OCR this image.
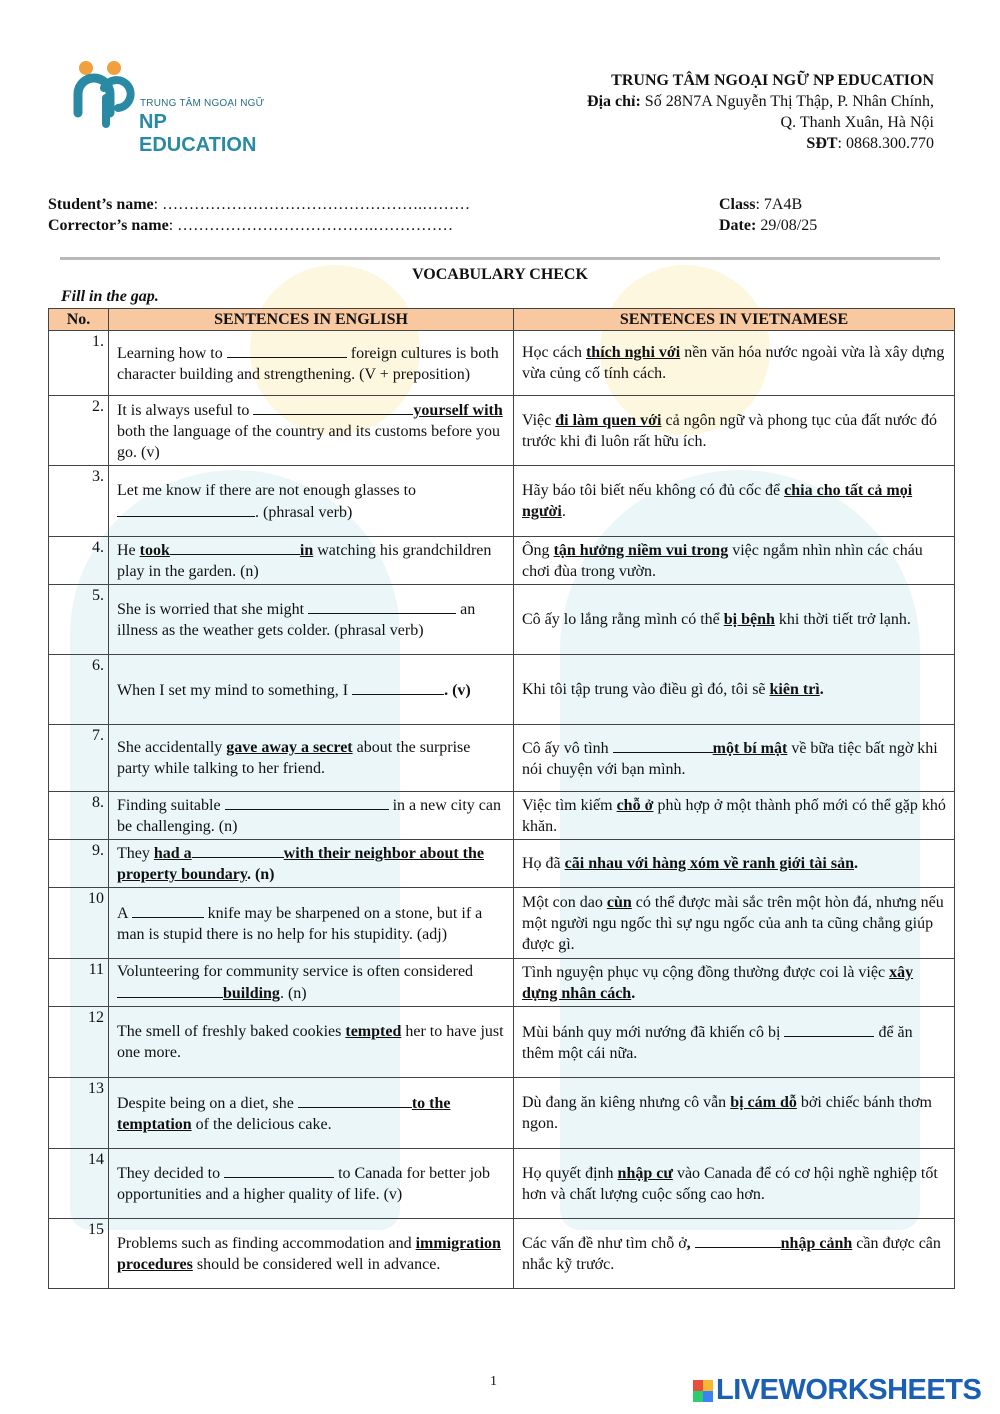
TRUNG TÂM NGOẠI NGỮ
NP EDUCATION
TRUNG TÂM NGOẠI NGỮ NP EDUCATION
Địa chỉ: Số 28N7A Nguyễn Thị Thập, P. Nhân Chính,
Q. Thanh Xuân, Hà Nội
SĐT: 0868.300.770
Student’s name: ………………………………………….………
Corrector’s name: ……………………………….……………
Class: 7A4B
Date: 29/08/25
VOCABULARY CHECK
Fill in the gap.
No.	SENTENCES IN ENGLISH	SENTENCES IN VIETNAMESE
1.	Learning how to foreign cultures is both character building and strengthening. (V + preposition)	Học cách thích nghi với nền văn hóa nước ngoài vừa là xây dựng vừa củng cố tính cách.
2.	It is always useful to yourself with both the language of the country and its customs before you go. (v)	Việc đi làm quen với cả ngôn ngữ và phong tục của đất nước đó trước khi đi luôn rất hữu ích.
3.	Let me know if there are not enough glasses to . (phrasal verb)	Hãy báo tôi biết nếu không có đủ cốc để chia cho tất cả mọi người.
4.	He took in watching his grandchildren play in the garden. (n)	Ông tận hưởng niềm vui trong việc ngắm nhìn nhìn các cháu chơi đùa trong vườn.
5.	She is worried that she might an illness as the weather gets colder. (phrasal verb)	Cô ấy lo lắng rằng mình có thể bị bệnh khi thời tiết trở lạnh.
6.	When I set my mind to something, I . (v)	Khi tôi tập trung vào điều gì đó, tôi sẽ kiên trì.
7.	She accidentally gave away a secret about the surprise party while talking to her friend.	Cô ấy vô tình một bí mật về bữa tiệc bất ngờ khi nói chuyện với bạn mình.
8.	Finding suitable in a new city can be challenging. (n)	Việc tìm kiếm chỗ ở phù hợp ở một thành phố mới có thể gặp khó khăn.
9.	They had a with their neighbor about the property boundary. (n)	Họ đã cãi nhau với hàng xóm về ranh giới tài sản.
10	A knife may be sharpened on a stone, but if a man is stupid there is no help for his stupidity. (adj)	Một con dao cùn có thể được mài sắc trên một hòn đá, nhưng nếu một người ngu ngốc thì sự ngu ngốc của anh ta cũng chẳng giúp được gì.
11	Volunteering for community service is often considered building. (n)	Tình nguyện phục vụ cộng đồng thường được coi là việc xây dựng nhân cách.
12	The smell of freshly baked cookies tempted her to have just one more.	Mùi bánh quy mới nướng đã khiến cô bị để ăn thêm một cái nữa.
13	Despite being on a diet, she to the temptation of the delicious cake.	Dù đang ăn kiêng nhưng cô vẫn bị cám dỗ bởi chiếc bánh thơm ngon.
14	They decided to to Canada for better job opportunities and a higher quality of life. (v)	Họ quyết định nhập cư vào Canada để có cơ hội nghề nghiệp tốt hơn và chất lượng cuộc sống cao hơn.
15	Problems such as finding accommodation and immigration procedures should be considered well in advance.	Các vấn đề như tìm chỗ ở, nhập cảnh cần được cân nhắc kỹ trước.
1	LIVEWORKSHEETS
